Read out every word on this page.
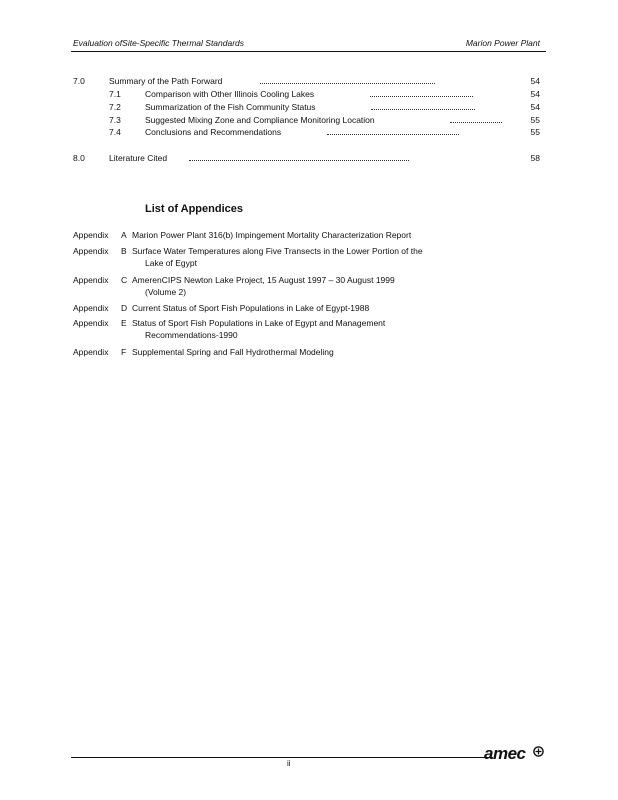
Evaluation ofSite-Specific Thermal Standards	Marion Power Plant
7.0	Summary of the Path Forward	54
7.1	Comparison with Other Illinois Cooling Lakes	54
7.2	Summarization of the Fish Community Status	54
7.3	Suggested Mixing Zone and Compliance Monitoring Location	55
7.4	Conclusions and Recommendations	55
8.0	Literature Cited	58
List of Appendices
Appendix A Marion Power Plant 316(b) Impingement Mortality Characterization Report
Appendix B Surface Water Temperatures along Five Transects in the Lower Portion of the
Lake of Egypt
Appendix C AmerenCIPS Newton Lake Project, 15 August 1997 – 30 August 1999
(Volume 2)
Appendix D Current Status of Sport Fish Populations in Lake of Egypt-1988
Appendix E Status of Sport Fish Populations in Lake of Egypt and Management
Recommendations-1990
Appendix F Supplemental Spring and Fall Hydrothermal Modeling
ii
amec
